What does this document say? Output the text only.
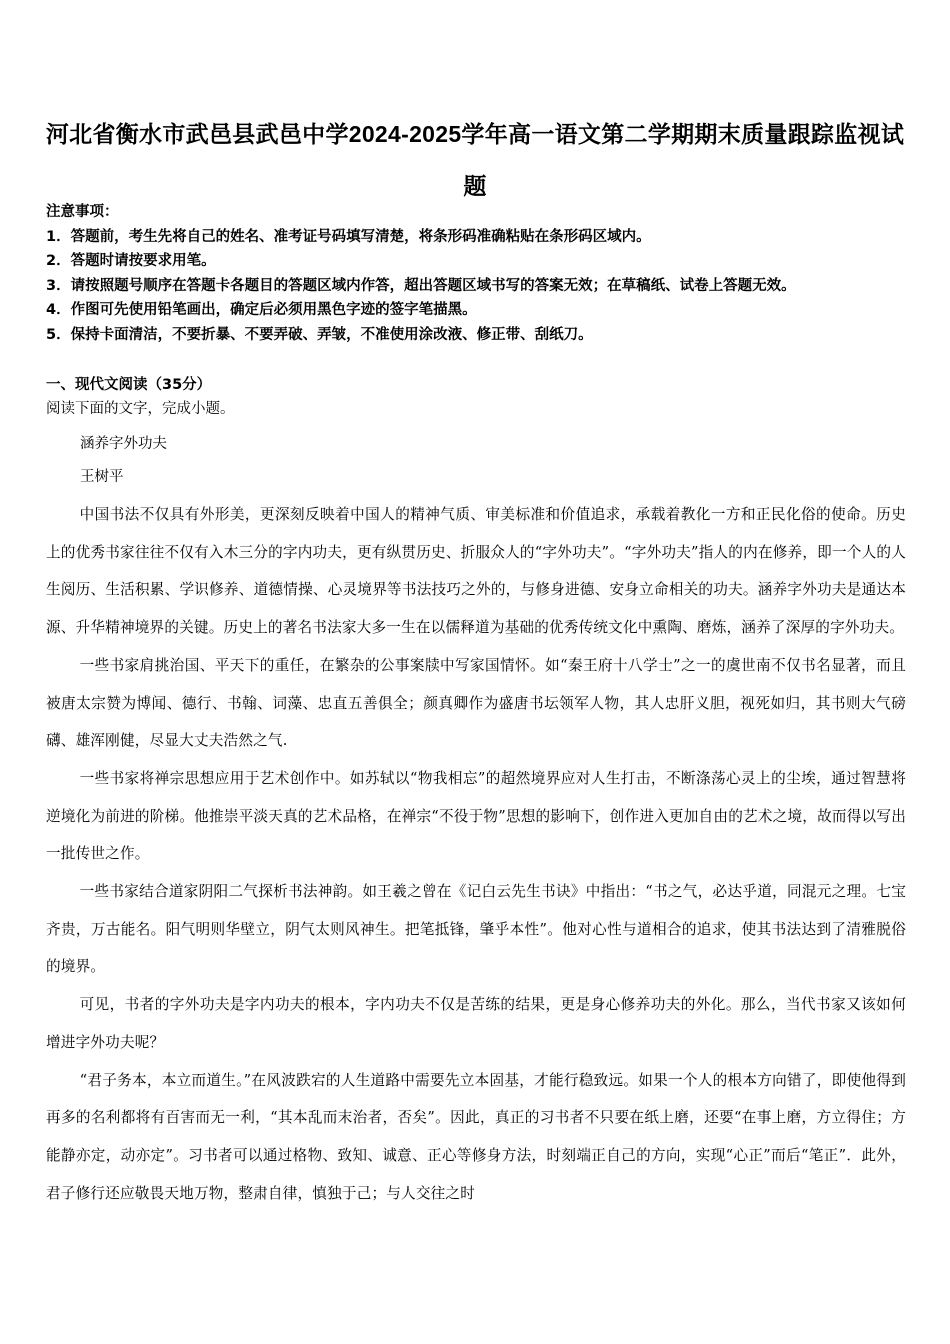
河北省衡水市武邑县武邑中学2024-2025学年高一语文第二学期期末质量跟踪监视试题
注意事项：
1．答题前，考生先将自己的姓名、准考证号码填写清楚，将条形码准确粘贴在条形码区域内。
2．答题时请按要求用笔。
3．请按照题号顺序在答题卡各题目的答题区域内作答，超出答题区域书写的答案无效；在草稿纸、试卷上答题无效。
4．作图可先使用铅笔画出，确定后必须用黑色字迹的签字笔描黑。
5．保持卡面清洁，不要折暴、不要弄破、弄皱，不准使用涂改液、修正带、刮纸刀。
一、现代文阅读（35分）
阅读下面的文字，完成小题。
涵养字外功夫
王树平

中国书法不仅具有外形美，更深刻反映着中国人的精神气质、审美标准和价值追求，承载着教化一方和正民化俗的使命。历史上的优秀书家往往不仅有入木三分的字内功夫，更有纵贯历史、折服众人的“字外功夫”。“字外功夫”指人的内在修养，即一个人的人生阅历、生活积累、学识修养、道德情操、心灵境界等书法技巧之外的，与修身进德、安身立命相关的功夫。涵养字外功夫是通达本源、升华精神境界的关键。历史上的著名书法家大多一生在以儒释道为基础的优秀传统文化中熏陶、磨炼，涵养了深厚的字外功夫。

一些书家肩挑治国、平天下的重任，在繁杂的公事案牍中写家国情怀。如“秦王府十八学士”之一的虞世南不仅书名显著，而且被唐太宗赞为博闻、德行、书翰、词藻、忠直五善俱全；颜真卿作为盛唐书坛领军人物，其人忠肝义胆，视死如归，其书则大气磅礴、雄浑刚健，尽显大丈夫浩然之气.

一些书家将禅宗思想应用于艺术创作中。如苏轼以“物我相忘”的超然境界应对人生打击，不断涤荡心灵上的尘埃，通过智慧将逆境化为前进的阶梯。他推崇平淡天真的艺术品格，在禅宗“不役于物”思想的影响下，创作进入更加自由的艺术之境，故而得以写出一批传世之作。

一些书家结合道家阴阳二气探析书法神韵。如王羲之曾在《记白云先生书诀》中指出：“书之气，必达乎道，同混元之理。七宝齐贵，万古能名。阳气明则华壁立，阴气太则风神生。把笔抵锋，肇乎本性”。他对心性与道相合的追求，使其书法达到了清雅脱俗的境界。

可见，书者的字外功夫是字内功夫的根本，字内功夫不仅是苦练的结果，更是身心修养功夫的外化。那么，当代书家又该如何增进字外功夫呢？

“君子务本，本立而道生。”在风波跌宕的人生道路中需要先立本固基，才能行稳致远。如果一个人的根本方向错了，即使他得到再多的名利都将有百害而无一利，“其本乱而末治者，否矣”。因此，真正的习书者不只要在纸上磨，还要“在事上磨，方立得住；方能静亦定，动亦定”。习书者可以通过格物、致知、诚意、正心等修身方法，时刻端正自己的方向，实现“心正”而后“笔正”．此外，君子修行还应敬畏天地万物，整肃自律，慎独于己；与人交往之时
